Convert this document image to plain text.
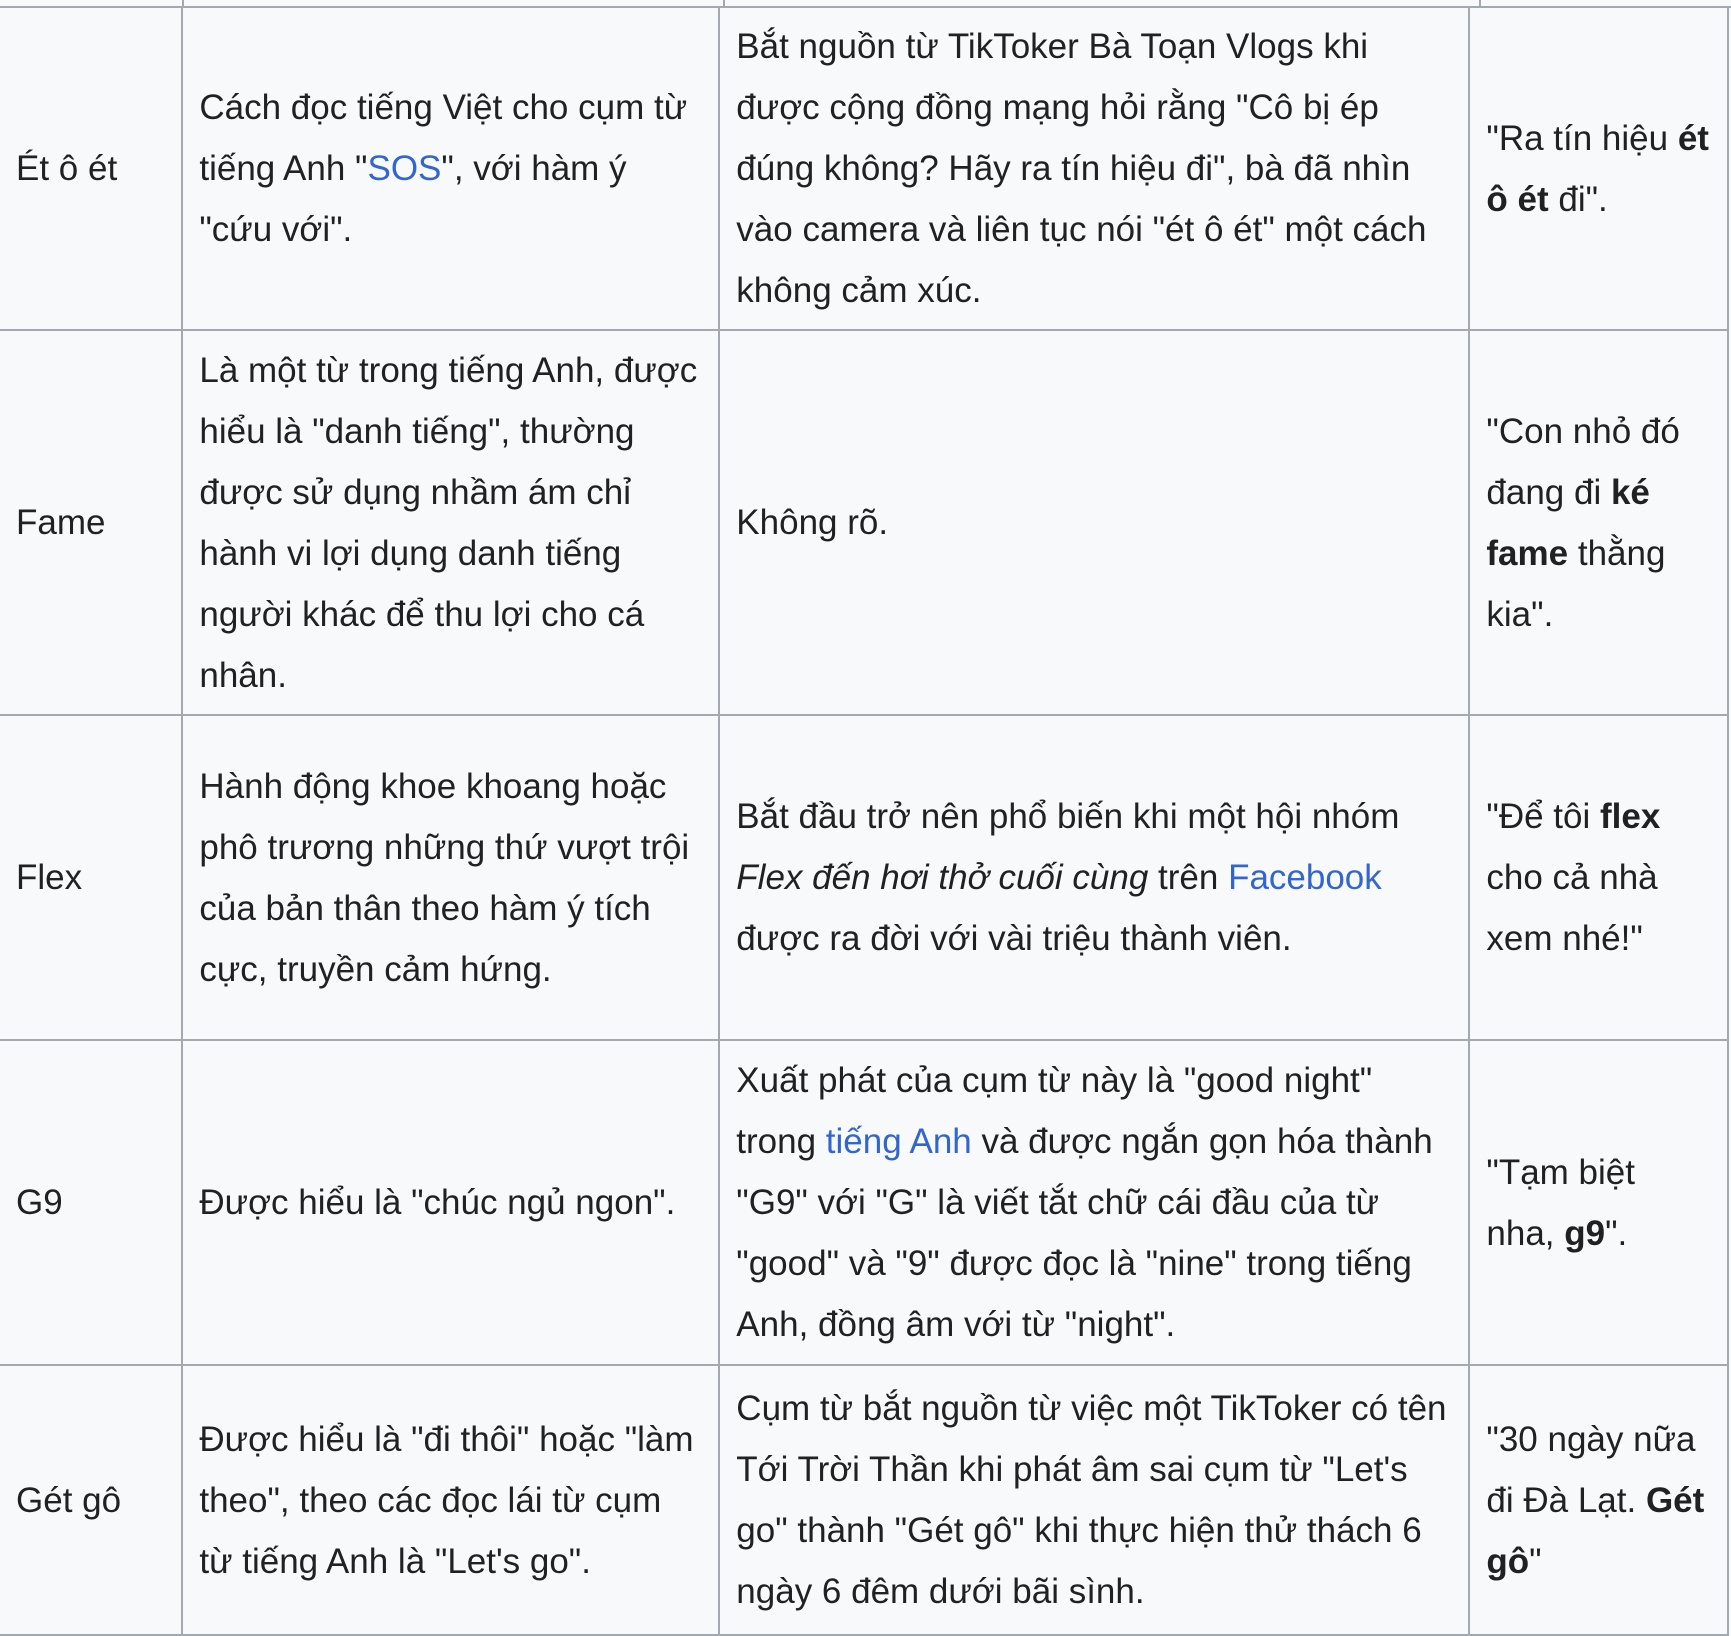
Ét ô ét	Cách đọc tiếng Việt cho cụm từ tiếng Anh "SOS", với hàm ý "cứu với".	Bắt nguồn từ TikToker Bà Toạn Vlogs khi được cộng đồng mạng hỏi rằng "Cô bị ép đúng không? Hãy ra tín hiệu đi", bà đã nhìn vào camera và liên tục nói "ét ô ét" một cách không cảm xúc.	"Ra tín hiệu ét ô ét đi".
Fame	Là một từ trong tiếng Anh, được hiểu là "danh tiếng", thường được sử dụng nhầm ám chỉ hành vi lợi dụng danh tiếng người khác để thu lợi cho cá nhân.	Không rõ.	"Con nhỏ đó đang đi ké fame thằng kia".
Flex	Hành động khoe khoang hoặc phô trương những thứ vượt trội của bản thân theo hàm ý tích cực, truyền cảm hứng.	Bắt đầu trở nên phổ biến khi một hội nhóm Flex đến hơi thở cuối cùng trên Facebook được ra đời với vài triệu thành viên.	"Để tôi flex cho cả nhà xem nhé!"
G9	Được hiểu là "chúc ngủ ngon".	Xuất phát của cụm từ này là "good night" trong tiếng Anh và được ngắn gọn hóa thành "G9" với "G" là viết tắt chữ cái đầu của từ "good" và "9" được đọc là "nine" trong tiếng Anh, đồng âm với từ "night".	"Tạm biệt nha, g9".
Gét gô	Được hiểu là "đi thôi" hoặc "làm theo", theo các đọc lái từ cụm từ tiếng Anh là "Let's go".	Cụm từ bắt nguồn từ việc một TikToker có tên Tới Trời Thần khi phát âm sai cụm từ "Let's go" thành "Gét gô" khi thực hiện thử thách 6 ngày 6 đêm dưới bãi sình.	"30 ngày nữa đi Đà Lạt. Gét gô"
